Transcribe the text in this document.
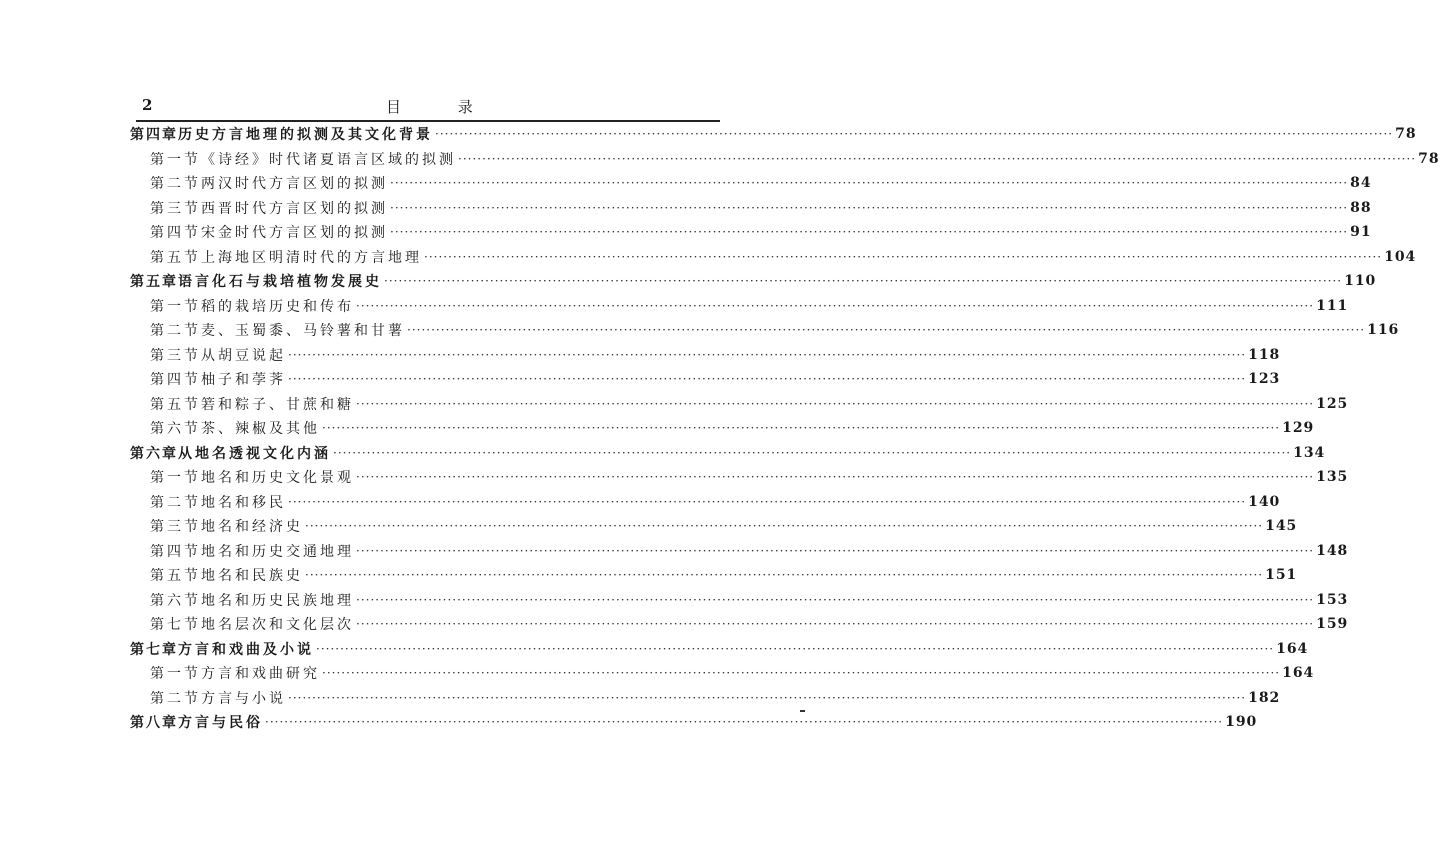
2	目 录
第四章 历史方言地理的拟测及其文化背景 ······································································································································································································· 78
第一节 《诗经》时代诸夏语言区域的拟测 ······································································································································································································· 78
第二节 两汉时代方言区划的拟测 ······································································································································································································· 84
第三节 西晋时代方言区划的拟测 ······································································································································································································· 88
第四节 宋金时代方言区划的拟测 ······································································································································································································· 91
第五节 上海地区明清时代的方言地理 ······································································································································································································· 104
第五章 语言化石与栽培植物发展史 ······································································································································································································· 110
第一节 稻的栽培历史和传布 ······································································································································································································· 111
第二节 麦、玉蜀黍、马铃薯和甘薯 ······································································································································································································· 116
第三节 从胡豆说起 ······································································································································································································· 118
第四节 柚子和荸荠 ······································································································································································································· 123
第五节 箬和粽子、甘蔗和糖 ······································································································································································································· 125
第六节 茶、辣椒及其他 ······································································································································································································· 129
第六章 从地名透视文化内涵 ······································································································································································································· 134
第一节 地名和历史文化景观 ······································································································································································································· 135
第二节 地名和移民 ······································································································································································································· 140
第三节 地名和经济史 ······································································································································································································· 145
第四节 地名和历史交通地理 ······································································································································································································· 148
第五节 地名和民族史 ······································································································································································································· 151
第六节 地名和历史民族地理 ······································································································································································································· 153
第七节 地名层次和文化层次 ······································································································································································································· 159
第七章 方言和戏曲及小说 ······································································································································································································· 164
第一节 方言和戏曲研究 ······································································································································································································· 164
第二节 方言与小说 ······································································································································································································· 182
第八章 方言与民俗 ······································································································································································································· 190
